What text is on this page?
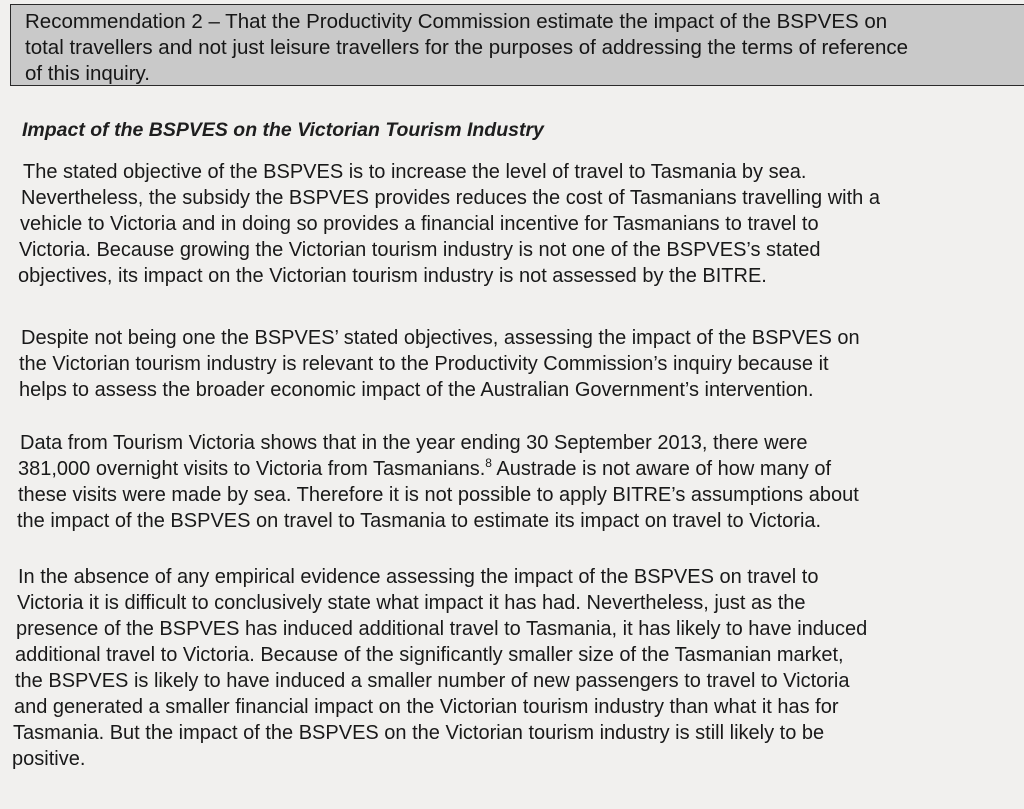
Recommendation 2 – That the Productivity Commission estimate the impact of the BSPVES on

total travellers and not just leisure travellers for the purposes of addressing the terms of reference

of this inquiry.

Impact of the BSPVES on the Victorian Tourism Industry
The stated objective of the BSPVES is to increase the level of travel to Tasmania by sea.
Nevertheless, the subsidy the BSPVES provides reduces the cost of Tasmanians travelling with a
vehicle to Victoria and in doing so provides a financial incentive for Tasmanians to travel to
Victoria. Because growing the Victorian tourism industry is not one of the BSPVES’s stated
objectives, its impact on the Victorian tourism industry is not assessed by the BITRE.
Despite not being one the BSPVES’ stated objectives, assessing the impact of the BSPVES on
the Victorian tourism industry is relevant to the Productivity Commission’s inquiry because it
helps to assess the broader economic impact of the Australian Government’s intervention.
Data from Tourism Victoria shows that in the year ending 30 September 2013, there were
381,000 overnight visits to Victoria from Tasmanians.$^8$ Austrade is not aware of how many of
these visits were made by sea. Therefore it is not possible to apply BITRE’s assumptions about
the impact of the BSPVES on travel to Tasmania to estimate its impact on travel to Victoria.
In the absence of any empirical evidence assessing the impact of the BSPVES on travel to
Victoria it is difficult to conclusively state what impact it has had. Nevertheless, just as the
presence of the BSPVES has induced additional travel to Tasmania, it has likely to have induced
additional travel to Victoria. Because of the significantly smaller size of the Tasmanian market,
the BSPVES is likely to have induced a smaller number of new passengers to travel to Victoria
and generated a smaller financial impact on the Victorian tourism industry than what it has for
Tasmania. But the impact of the BSPVES on the Victorian tourism industry is still likely to be
positive.
